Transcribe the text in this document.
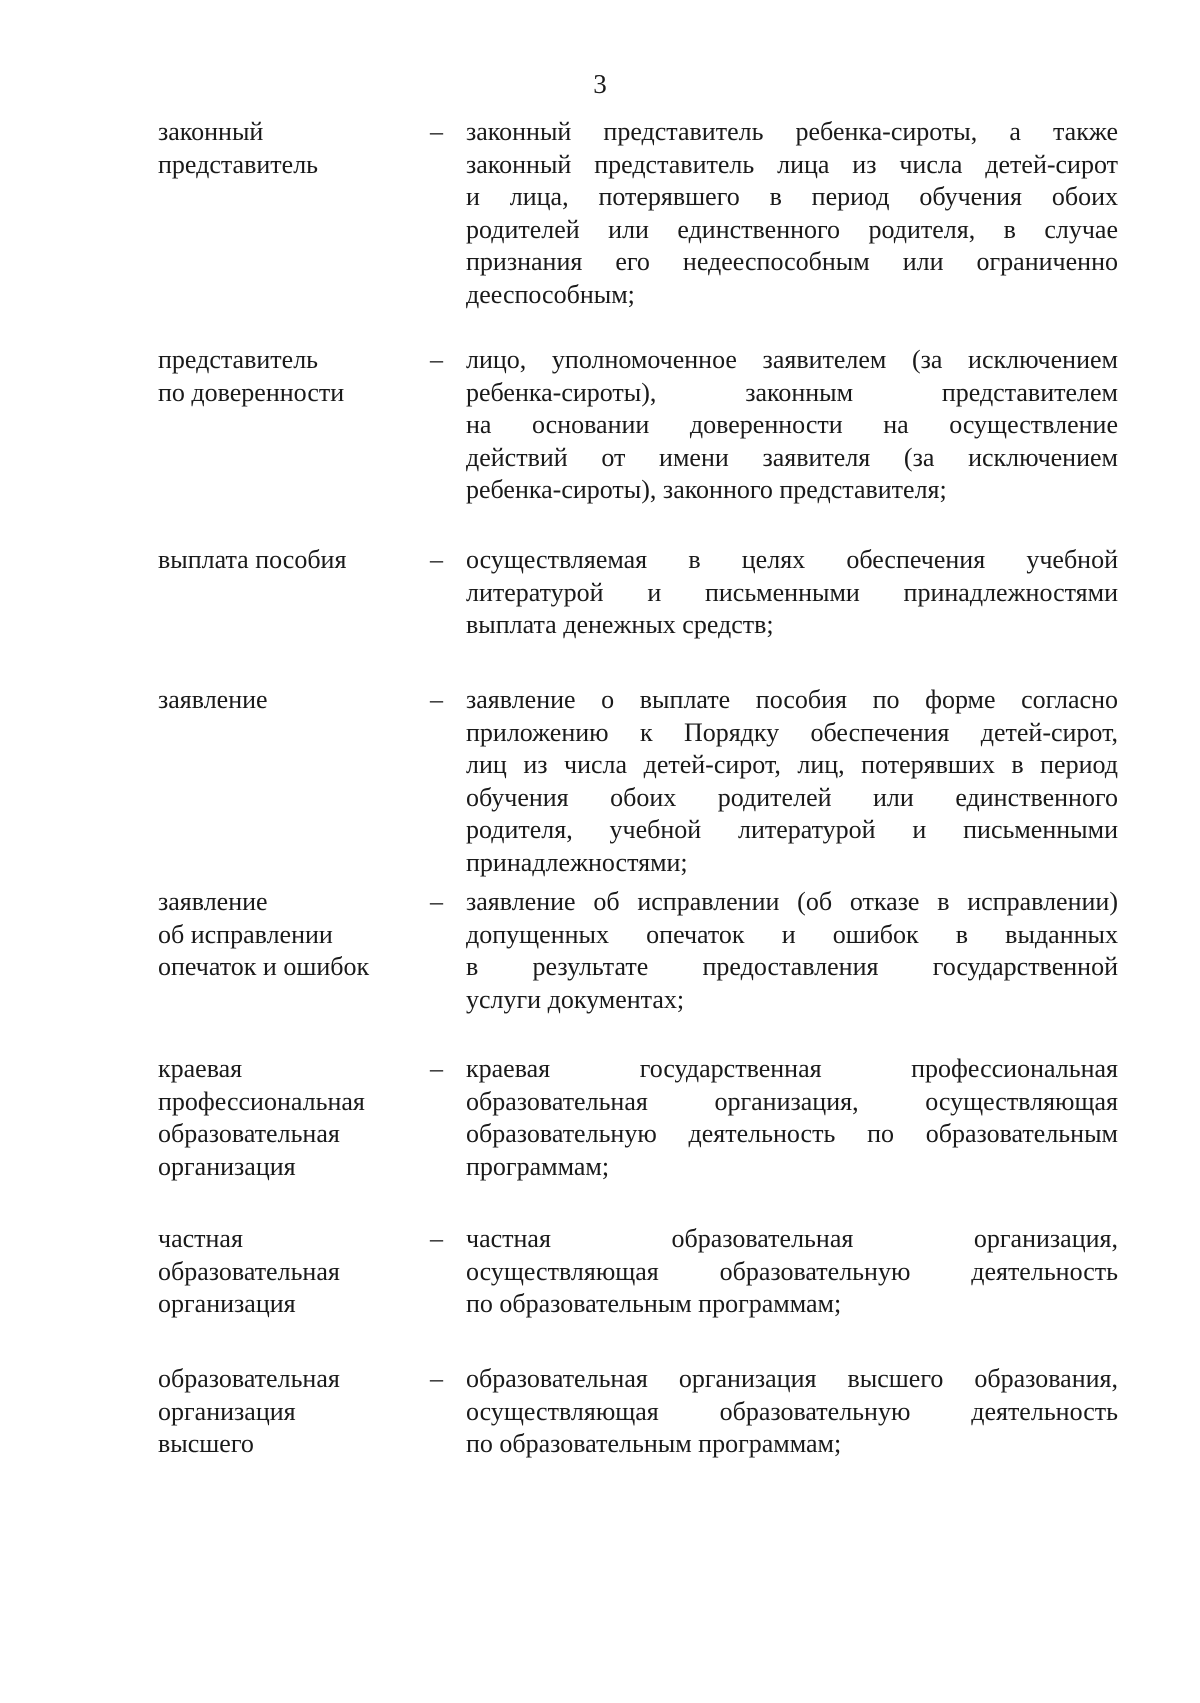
3
законный
представитель
– законный представитель ребенка-сироты, а также
законный представитель лица из числа детей-сирот
и лица, потерявшего в период обучения обоих
родителей или единственного родителя, в случае
признания его недееспособным или ограниченно
дееспособным;
представитель
по доверенности
– лицо, уполномоченное заявителем (за исключением
ребенка-сироты), законным представителем
на основании доверенности на осуществление
действий от имени заявителя (за исключением
ребенка-сироты), законного представителя;
выплата пособия	– осуществляемая в целях обеспечения учебной
литературой и письменными принадлежностями
выплата денежных средств;
заявление	– заявление о выплате пособия по форме согласно
приложению к Порядку обеспечения детей-сирот,
лиц из числа детей-сирот, лиц, потерявших в период
обучения обоих родителей или единственного
родителя, учебной литературой и письменными
принадлежностями;
заявление
об исправлении
опечаток и ошибок
– заявление об исправлении (об отказе в исправлении)
допущенных опечаток и ошибок в выданных
в результате предоставления государственной
услуги документах;
краевая
профессиональная
образовательная
организация
– краевая государственная профессиональная
образовательная организация, осуществляющая
образовательную деятельность по образовательным
программам;
частная
образовательная
организация
– частная образовательная организация,
осуществляющая образовательную деятельность
по образовательным программам;
образовательная
организация
высшего
– образовательная организация высшего образования,
осуществляющая образовательную деятельность
по образовательным программам;
